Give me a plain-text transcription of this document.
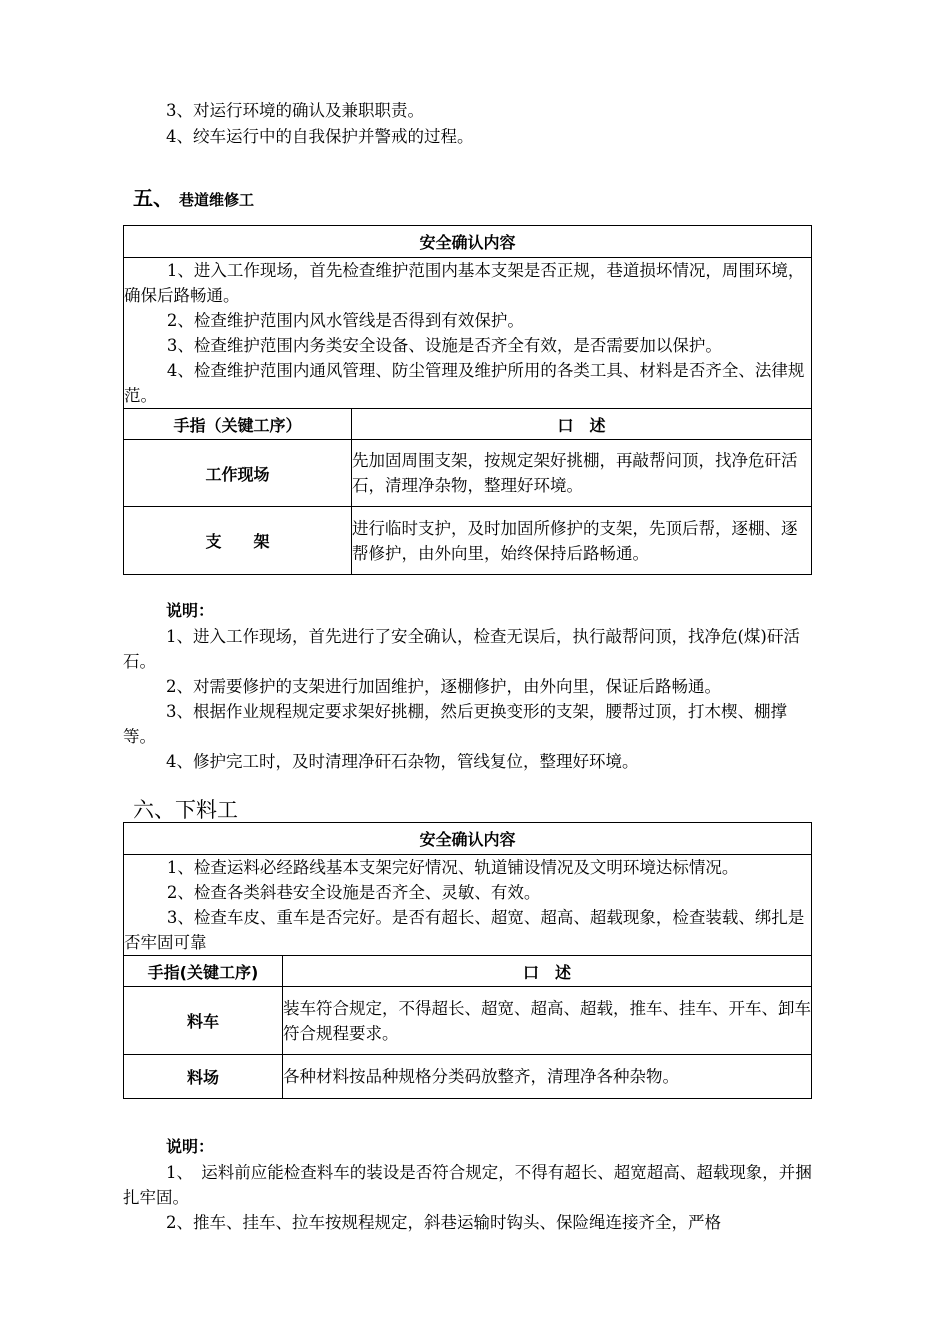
3、对运行环境的确认及兼职职责。
4、绞车运行中的自我保护并警戒的过程。
五、 巷道维修工
安全确认内容	

1、进入工作现场，首先检查维护范围内基本支架是否正规，巷道损坏情况，周围环境，确保后路畅通。

2、检查维护范围内风水管线是否得到有效保护。

3、检查维护范围内务类安全设备、设施是否齐全有效，是否需要加以保护。

4、检查维护范围内通风管理、防尘管理及维护所用的各类工具、材料是否齐全、法律规范。	

手指（关键工序）	口　述
工作现场	先加固周围支架，按规定架好挑棚，再敲帮问顶，找净危矸活石，清理净杂物，整理好环境。
支　　架	进行临时支护，及时加固所修护的支架，先顶后帮，逐棚、逐帮修护，由外向里，始终保持后路畅通。
说明：

1、进入工作现场，首先进行了安全确认，检查无误后，执行敲帮问顶，找净危(煤)矸活石。

2、对需要修护的支架进行加固维护，逐棚修护，由外向里，保证后路畅通。

3、根据作业规程规定要求架好挑棚，然后更换变形的支架，腰帮过顶，打木楔、棚撑等。

4、修护完工时，及时清理净矸石杂物，管线复位，整理好环境。

六、下料工
安全确认内容	

1、检查运料必经路线基本支架完好情况、轨道铺设情况及文明环境达标情况。

2、检查各类斜巷安全设施是否齐全、灵敏、有效。

3、检查车皮、重车是否完好。是否有超长、超宽、超高、超载现象，检查装载、绑扎是否牢固可靠	

手指(关键工序)	口　述
料车	装车符合规定，不得超长、超宽、超高、超载，推车、挂车、开车、卸车符合规程要求。
料场	各种材料按品种规格分类码放整齐，清理净各种杂物。
说明：

1、　运料前应能检查料车的装设是否符合规定，不得有超长、超宽超高、超载现象，并捆扎牢固。

2、推车、挂车、拉车按规程规定，斜巷运输时钩头、保险绳连接齐全，严格
